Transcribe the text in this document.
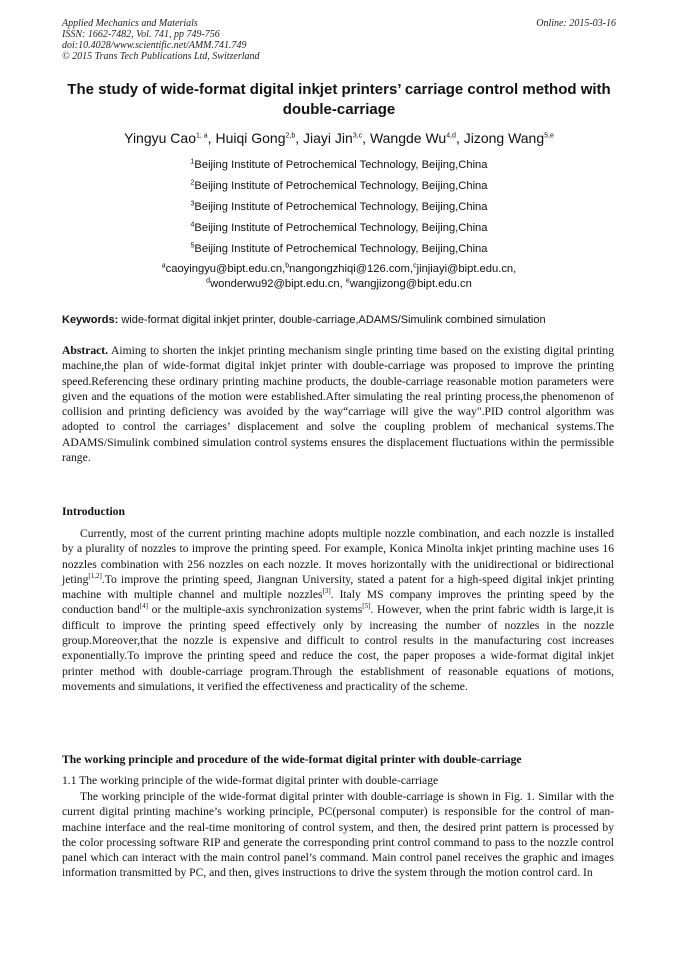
Applied Mechanics and Materials
ISSN: 1662-7482, Vol. 741, pp 749-756
doi:10.4028/www.scientific.net/AMM.741.749
© 2015 Trans Tech Publications Ltd, Switzerland
Online: 2015-03-16
The study of wide-format digital inkjet printers’ carriage control method with double-carriage
Yingyu Cao$^{1, a}$, Huiqi Gong$^{2,b}$, Jiayi Jin$^{3,c}$, Wangde Wu$^{4,d}$, Jizong Wang$^{5,e}$
$^1$Beijing Institute of Petrochemical Technology, Beijing,China
$^2$Beijing Institute of Petrochemical Technology, Beijing,China
$^3$Beijing Institute of Petrochemical Technology, Beijing,China
$^4$Beijing Institute of Petrochemical Technology, Beijing,China
$^5$Beijing Institute of Petrochemical Technology, Beijing,China
$^a$caoyingyu@bipt.edu.cn,$^b$nangongzhiqi@126.com,$^c$jinjiayi@bipt.edu.cn,
$^d$wonderwu92@bipt.edu.cn, $^e$wangjizong@bipt.edu.cn
Keywords: wide-format digital inkjet printer, double-carriage,ADAMS/Simulink combined simulation
Abstract. Aiming to shorten the inkjet printing mechanism single printing time based on the existing digital printing machine,the plan of wide-format digital inkjet printer with double-carriage was proposed to improve the printing speed.Referencing these ordinary printing machine products, the double-carriage reasonable motion parameters were given and the equations of the motion were established.After simulating the real printing process,the phenomenon of collision and printing deficiency was avoided by the way“carriage will give the way".PID control algorithm was adopted to control the carriages’ displacement and solve the coupling problem of mechanical systems.The ADAMS/Simulink combined simulation control systems ensures the displacement fluctuations within the permissible range.
Introduction

Currently, most of the current printing machine adopts multiple nozzle combination, and each nozzle is installed by a plurality of nozzles to improve the printing speed. For example, Konica Minolta inkjet printing machine uses 16 nozzles combination with 256 nozzles on each nozzle. It moves horizontally with the unidirectional or bidirectional jeting[1,2].To improve the printing speed, Jiangnan University, stated a patent for a high-speed digital inkjet printing machine with multiple channel and multiple nozzles[3]. Italy MS company improves the printing speed by the conduction band[4] or the multiple-axis synchronization systems[5]. However, when the print fabric width is large,it is difficult to improve the printing speed effectively only by increasing the number of nozzles in the nozzle group.Moreover,that the nozzle is expensive and difficult to control results in the manufacturing cost increases exponentially.To improve the printing speed and reduce the cost, the paper proposes a wide-format digital inkjet printer method with double-carriage program.Through the establishment of reasonable equations of motions, movements and simulations, it verified the effectiveness and practicality of the scheme.

The working principle and procedure of the wide-format digital printer with double-carriage
1.1 The working principle of the wide-format digital printer with double-carriage

The working principle of the wide-format digital printer with double-carriage is shown in Fig. 1. Similar with the current digital printing machine’s working principle, PC(personal computer) is responsible for the control of man-machine interface and the real-time monitoring of control system, and then, the desired print pattern is processed by the color processing software RIP and generate the corresponding print control command to pass to the nozzle control panel which can interact with the main control panel’s command. Main control panel receives the graphic and images information transmitted by PC, and then, gives instructions to drive the system through the motion control card. In
